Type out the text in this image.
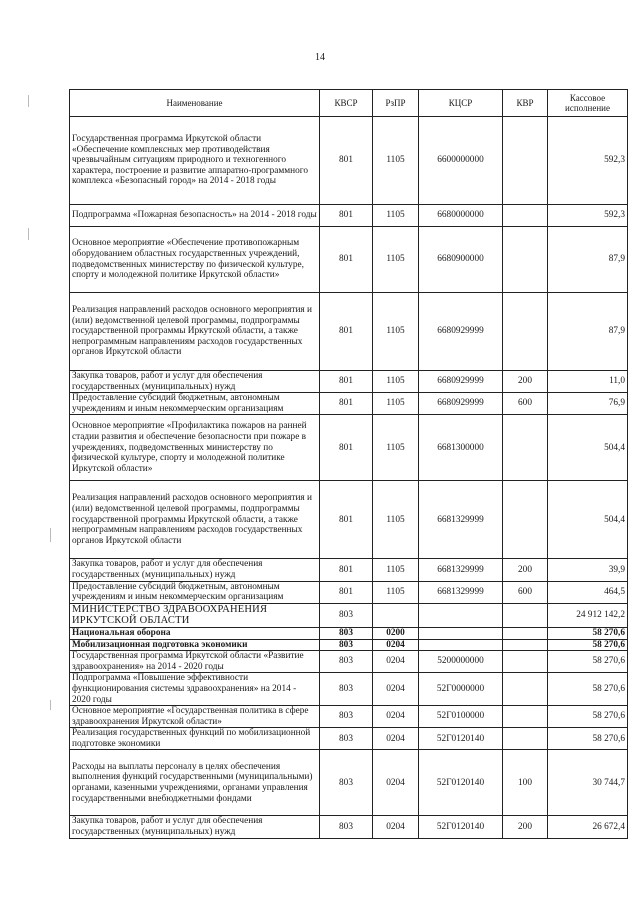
14
Наименование	КВСР	РзПР	КЦСР	КВР	Кассовое исполнение
Государственная программа Иркутской области «Обеспечение комплексных мер противодействия чрезвычайным ситуациям природного и техногенного характера, построение и развитие аппаратно-программного комплекса «Безопасный город» на 2014 - 2018 годы	801	1105	6600000000		592,3
Подпрограмма «Пожарная безопасность» на 2014 - 2018 годы	801	1105	6680000000		592,3
Основное мероприятие «Обеспечение противопожарным оборудованием областных государственных учреждений, подведомственных министерству по физической культуре, спорту и молодежной политике Иркутской области»	801	1105	6680900000		87,9
Реализация направлений расходов основного мероприятия и (или) ведомственной целевой программы, подпрограммы государственной программы Иркутской области, а также непрограммным направлениям расходов государственных органов Иркутской области	801	1105	6680929999		87,9
Закупка товаров, работ и услуг для обеспечения государственных (муниципальных) нужд	801	1105	6680929999	200	11,0
Предоставление субсидий бюджетным, автономным учреждениям и иным некоммерческим организациям	801	1105	6680929999	600	76,9
Основное мероприятие «Профилактика пожаров на ранней стадии развития и обеспечение безопасности при пожаре в учреждениях, подведомственных министерству по физической культуре, спорту и молодежной политике Иркутской области»	801	1105	6681300000		504,4
Реализация направлений расходов основного мероприятия и (или) ведомственной целевой программы, подпрограммы государственной программы Иркутской области, а также непрограммным направлениям расходов государственных органов Иркутской области	801	1105	6681329999		504,4
Закупка товаров, работ и услуг для обеспечения государственных (муниципальных) нужд	801	1105	6681329999	200	39,9
Предоставление субсидий бюджетным, автономным учреждениям и иным некоммерческим организациям	801	1105	6681329999	600	464,5
МИНИСТЕРСТВО ЗДРАВООХРАНЕНИЯ ИРКУТСКОЙ ОБЛАСТИ	803				24 912 142,2
Национальная оборона	803	0200			58 270,6
Мобилизационная подготовка экономики	803	0204			58 270,6
Государственная программа Иркутской области «Развитие здравоохранения» на 2014 - 2020 годы	803	0204	5200000000		58 270,6
Подпрограмма «Повышение эффективности функционирования системы здравоохранения» на 2014 - 2020 годы	803	0204	52Г0000000		58 270,6
Основное мероприятие «Государственная политика в сфере здравоохранения Иркутской области»	803	0204	52Г0100000		58 270,6
Реализация государственных функций по мобилизационной подготовке экономики	803	0204	52Г0120140		58 270,6
Расходы на выплаты персоналу в целях обеспечения выполнения функций государственными (муниципальными) органами, казенными учреждениями, органами управления государственными внебюджетными фондами	803	0204	52Г0120140	100	30 744,7
Закупка товаров, работ и услуг для обеспечения государственных (муниципальных) нужд	803	0204	52Г0120140	200	26 672,4
